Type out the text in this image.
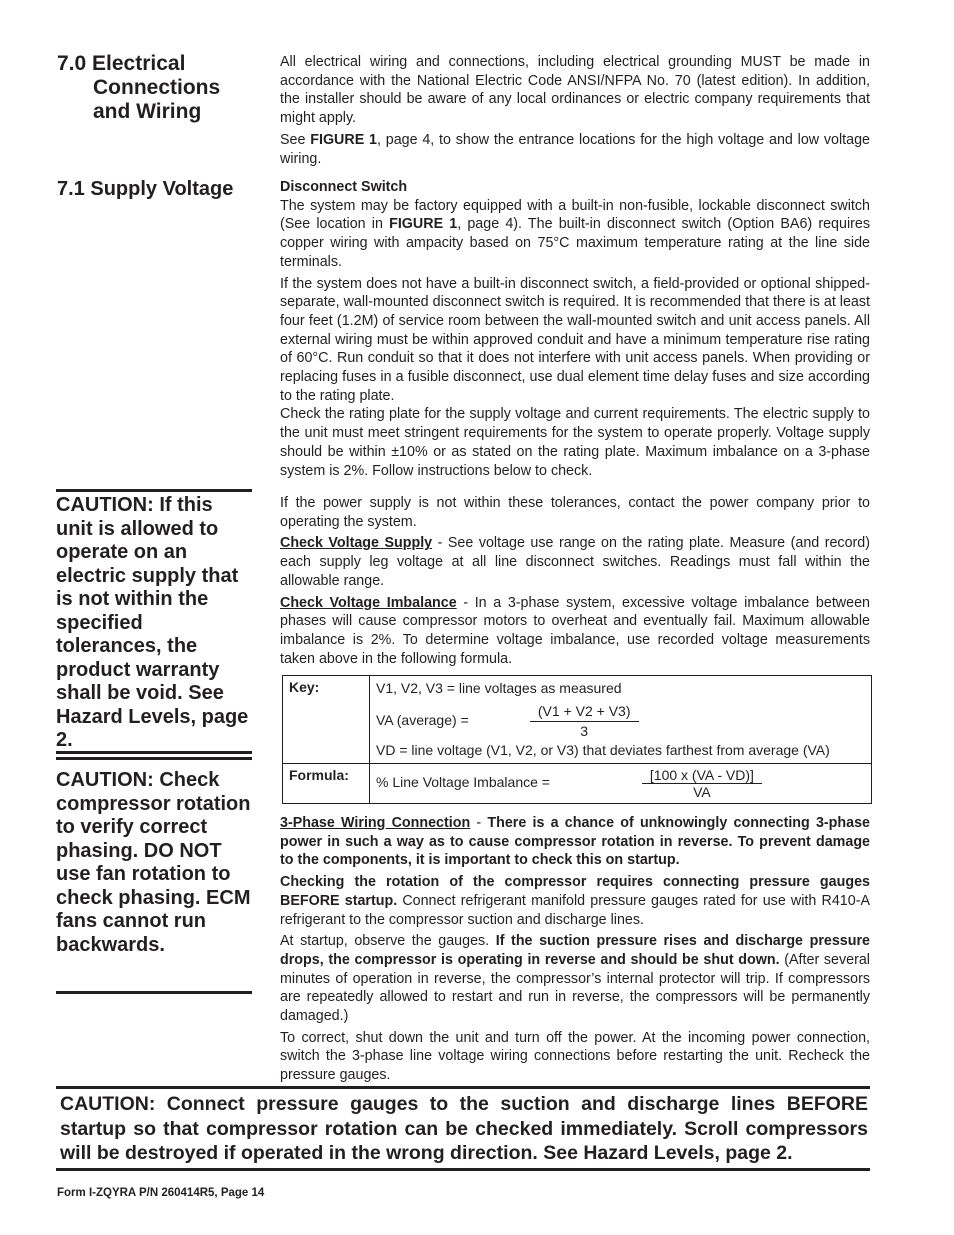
7.0 Electrical
Connections
and Wiring

All electrical wiring and connections, including electrical grounding MUST be made in accordance with the National Electric Code ANSI/NFPA No. 70 (latest edition). In addition, the installer should be aware of any local ordinances or electric company requirements that might apply.

See FIGURE 1, page 4, to show the entrance locations for the high voltage and low voltage wiring.

7.1 Supply Voltage	Disconnect Switch

The system may be factory equipped with a built-in non-fusible, lockable disconnect switch (See location in FIGURE 1, page 4). The built-in disconnect switch (Option BA6) requires copper wiring with ampacity based on 75°C maximum temperature rating at the line side terminals.

If the system does not have a built-in disconnect switch, a field-provided or optional shipped-separate, wall-mounted disconnect switch is required. It is recommended that there is at least four feet (1.2M) of service room between the wall-mounted switch and unit access panels. All external wiring must be within approved conduit and have a minimum temperature rise rating of 60°C. Run conduit so that it does not interfere with unit access panels. When providing or replacing fuses in a fusible disconnect, use dual element time delay fuses and size according to the rating plate.

Check the rating plate for the supply voltage and current requirements. The electric supply to the unit must meet stringent requirements for the system to operate properly. Voltage supply should be within ±10% or as stated on the rating plate. Maximum imbalance on a 3-phase system is 2%. Follow instructions below to check.

If the power supply is not within these tolerances, contact the power company prior to operating the system.

Check Voltage Supply - See voltage use range on the rating plate. Measure (and record) each supply leg voltage at all line disconnect switches. Readings must fall within the allowable range.

Check Voltage Imbalance - In a 3-phase system, excessive voltage imbalance between phases will cause compressor motors to overheat and eventually fail. Maximum allowable imbalance is 2%. To determine voltage imbalance, use recorded voltage measurements taken above in the following formula.

Key:	V1, V2, V3 = line voltages as measured
VA (average) = $\frac{(V1 + V2 + V3)}{3}$
VD = line voltage (V1, V2, or V3) that deviates farthest from average (VA)

Formula:	% Line Voltage Imbalance = $\frac{[100 x (VA - VD)]}{VA}$

3-Phase Wiring Connection - There is a chance of unknowingly connecting 3-phase power in such a way as to cause compressor rotation in reverse. To prevent damage to the components, it is important to check this on startup.

Checking the rotation of the compressor requires connecting pressure gauges BEFORE startup. Connect refrigerant manifold pressure gauges rated for use with R410-A refrigerant to the compressor suction and discharge lines.

At startup, observe the gauges. If the suction pressure rises and discharge pressure drops, the compressor is operating in reverse and should be shut down. (After several minutes of operation in reverse, the compressor’s internal protector will trip. If compressors are repeatedly allowed to restart and run in reverse, the compressors will be permanently damaged.)

To correct, shut down the unit and turn off the power. At the incoming power connection, switch the 3-phase line voltage wiring connections before restarting the unit. Recheck the pressure gauges.

CAUTION: If this unit is allowed to operate on an electric supply that is not within the specified tolerances, the product warranty shall be void. See Hazard Levels, page 2.
CAUTION: Check compressor rotation to verify correct phasing. DO NOT use fan rotation to check phasing. ECM fans cannot run backwards.
CAUTION: Connect pressure gauges to the suction and discharge lines BEFORE startup so that compressor rotation can be checked immediately. Scroll compressors will be destroyed if operated in the wrong direction. See Hazard Levels, page 2.
Form I-ZQYRA P/N 260414R5, Page 14
